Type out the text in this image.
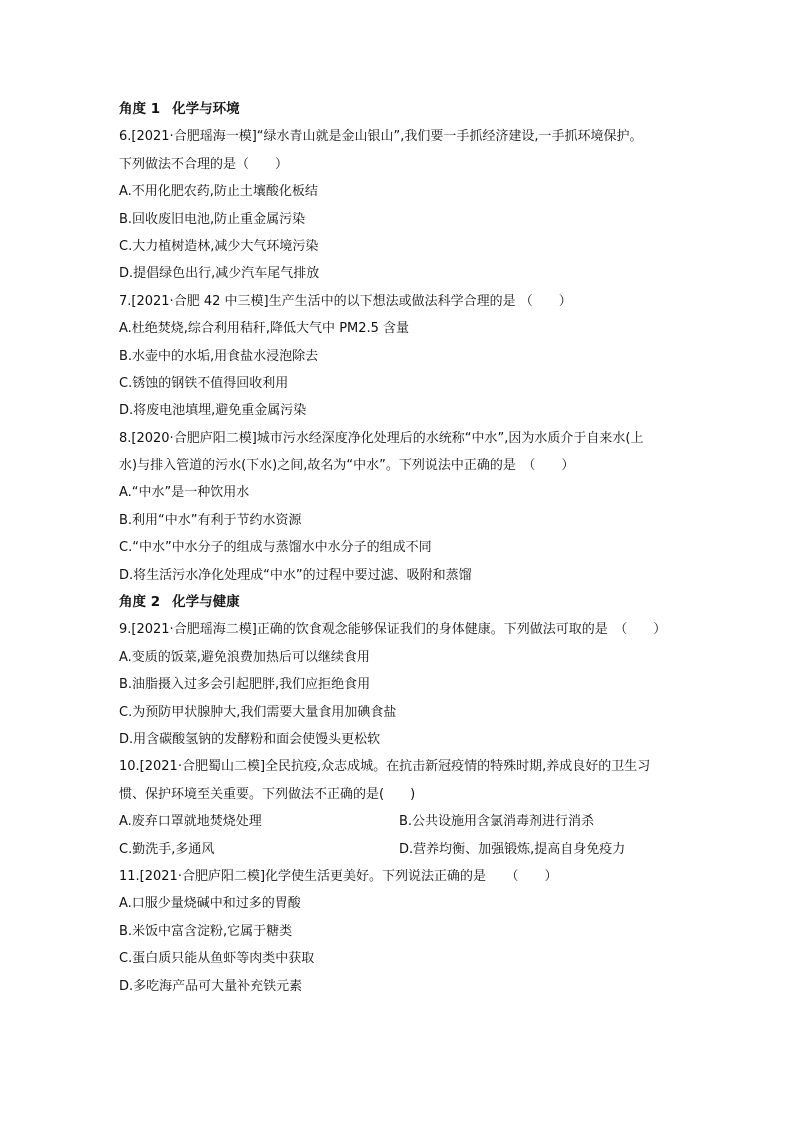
角度 1 化学与环境
6.[2021·合肥瑶海一模]“绿水青山就是金山银山”,我们要一手抓经济建设,一手抓环境保护。
下列做法不合理的是（　　）
A.不用化肥农药,防止土壤酸化板结
B.回收废旧电池,防止重金属污染
C.大力植树造林,减少大气环境污染
D.提倡绿色出行,减少汽车尾气排放
7.[2021·合肥 42 中三模]生产生活中的以下想法或做法科学合理的是 （　　）
A.杜绝焚烧,综合利用秸秆,降低大气中 PM2.5 含量
B.水壶中的水垢,用食盐水浸泡除去
C.锈蚀的钢铁不值得回收利用
D.将废电池填埋,避免重金属污染
8.[2020·合肥庐阳二模]城市污水经深度净化处理后的水统称“中水”,因为水质介于自来水(上
水)与排入管道的污水(下水)之间,故名为“中水”。下列说法中正确的是　（　　）
A.“中水”是一种饮用水
B.利用“中水”有利于节约水资源
C.“中水”中水分子的组成与蒸馏水中水分子的组成不同
D.将生活污水净化处理成“中水”的过程中要过滤、吸附和蒸馏
角度 2 化学与健康
9.[2021·合肥瑶海二模]正确的饮食观念能够保证我们的身体健康。下列做法可取的是　（　　）
A.变质的饭菜,避免浪费加热后可以继续食用
B.油脂摄入过多会引起肥胖,我们应拒绝食用
C.为预防甲状腺肿大,我们需要大量食用加碘食盐
D.用含碳酸氢钠的发酵粉和面会使馒头更松软
10.[2021·合肥蜀山二模]全民抗疫,众志成城。在抗击新冠疫情的特殊时期,养成良好的卫生习
惯、保护环境至关重要。下列做法不正确的是(　　)
A.废弃口罩就地焚烧处理	B.公共设施用含氯消毒剂进行消杀
C.勤洗手,多通风	D.营养均衡、加强锻炼,提高自身免疫力
11.[2021·合肥庐阳二模]化学使生活更美好。下列说法正确的是　　（　　）
A.口服少量烧碱中和过多的胃酸
B.米饭中富含淀粉,它属于糖类
C.蛋白质只能从鱼虾等肉类中获取
D.多吃海产品可大量补充铁元素
